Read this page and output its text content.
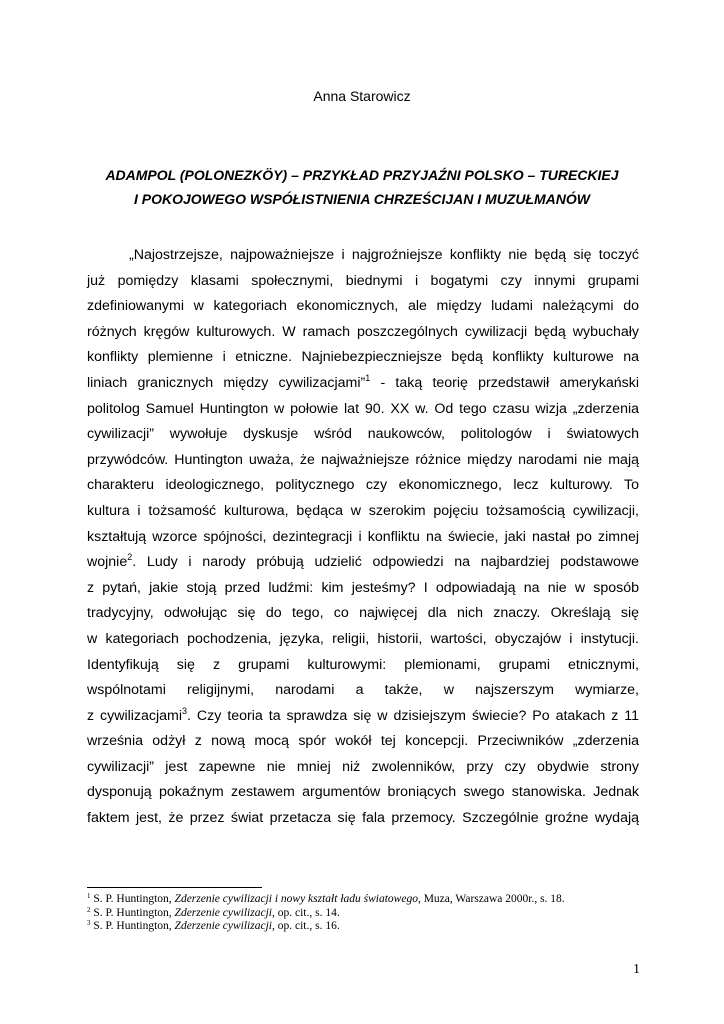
Anna Starowicz
ADAMPOL (POLONEZKÖY) – PRZYKŁAD PRZYJAŹNI POLSKO – TURECKIEJ
I POKOJOWEGO WSPÓŁISTNIENIA CHRZEŚCIJAN I MUZUŁMANÓW
„Najostrzejsze, najpoważniejsze i najgroźniejsze konflikty nie będą się toczyć
już pomiędzy klasami społecznymi, biednymi i bogatymi czy innymi grupami
zdefiniowanymi w kategoriach ekonomicznych, ale między ludami należącymi do
różnych kręgów kulturowych. W ramach poszczególnych cywilizacji będą wybuchały
konflikty plemienne i etniczne. Najniebezpieczniejsze będą konflikty kulturowe na
liniach granicznych między cywilizacjami”$^1$ - taką teorię przedstawił amerykański
politolog Samuel Huntington w połowie lat 90. XX w. Od tego czasu wizja „zderzenia
cywilizacji” wywołuje dyskusje wśród naukowców, politologów i światowych
przywódców. Huntington uważa, że najważniejsze różnice między narodami nie mają
charakteru ideologicznego, politycznego czy ekonomicznego, lecz kulturowy. To
kultura i tożsamość kulturowa, będąca w szerokim pojęciu tożsamością cywilizacji,
kształtują wzorce spójności, dezintegracji i konfliktu na świecie, jaki nastał po zimnej
wojnie$^2$. Ludy i narody próbują udzielić odpowiedzi na najbardziej podstawowe
z pytań, jakie stoją przed ludźmi: kim jesteśmy? I odpowiadają na nie w sposób
tradycyjny, odwołując się do tego, co najwięcej dla nich znaczy. Określają się
w kategoriach pochodzenia, języka, religii, historii, wartości, obyczajów i instytucji.
Identyfikują się z grupami kulturowymi: plemionami, grupami etnicznymi,
wspólnotami religijnymi, narodami a także, w najszerszym wymiarze,
z cywilizacjami$^3$. Czy teoria ta sprawdza się w dzisiejszym świecie? Po atakach z 11
września odżył z nową mocą spór wokół tej koncepcji. Przeciwników „zderzenia
cywilizacji” jest zapewne nie mniej niż zwolenników, przy czy obydwie strony
dysponują pokaźnym zestawem argumentów broniących swego stanowiska. Jednak
faktem jest, że przez świat przetacza się fala przemocy. Szczególnie groźne wydają
$^1$ S. P. Huntington, Zderzenie cywilizacji i nowy kształt ładu światowego, Muza, Warszawa 2000r., s. 18.
$^2$ S. P. Huntington, Zderzenie cywilizacji, op. cit., s. 14.
$^3$ S. P. Huntington, Zderzenie cywilizacji, op. cit., s. 16.
1
